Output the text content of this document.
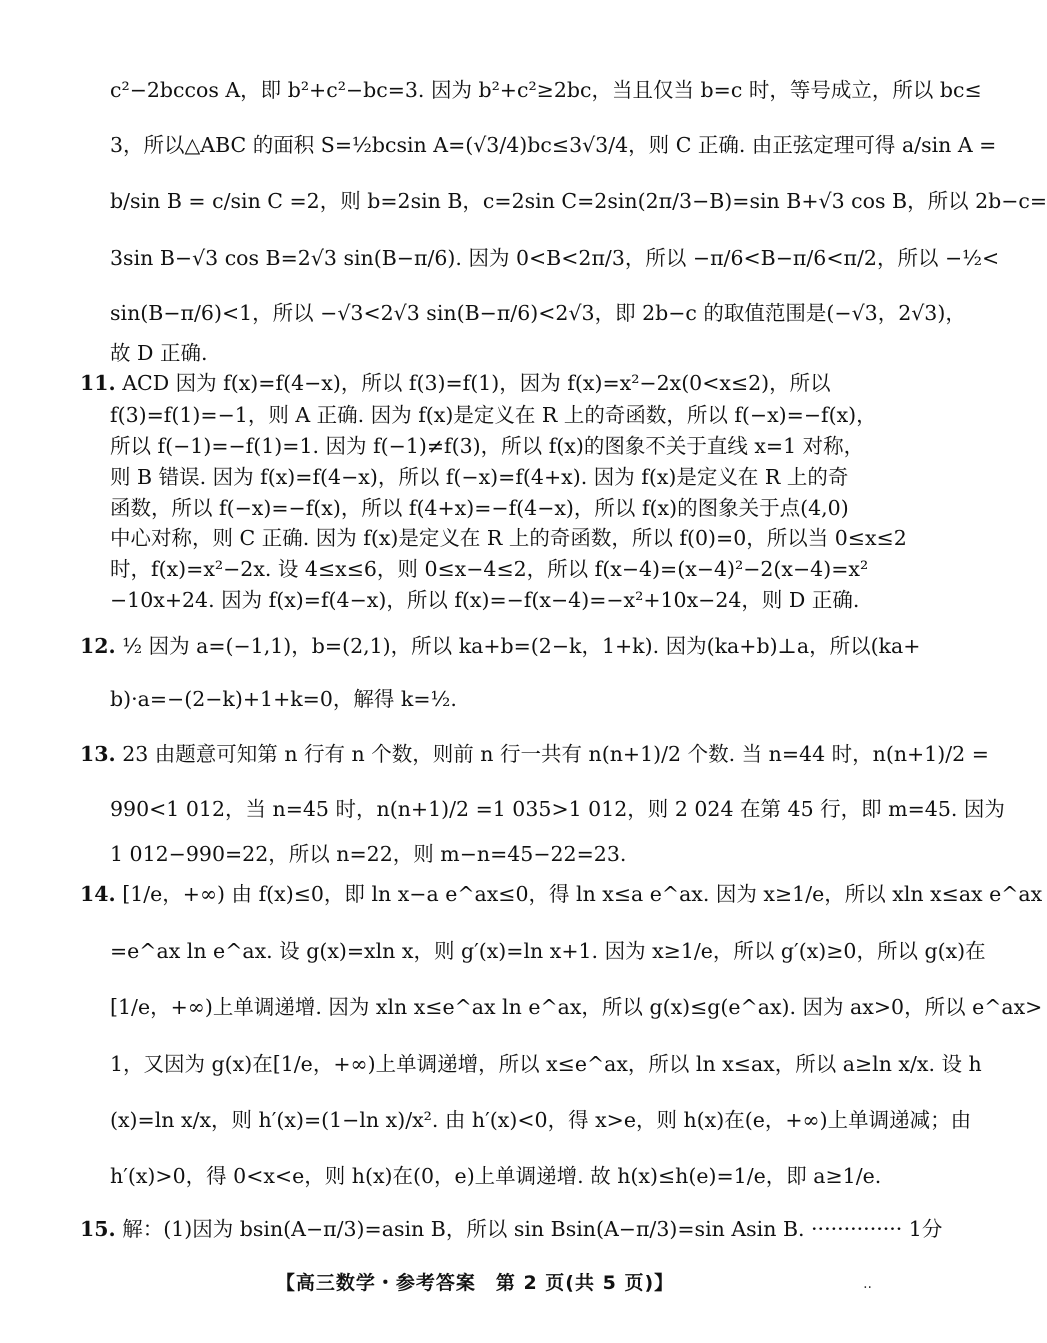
c²−2bccos A，即 b²+c²−bc=3. 因为 b²+c²≥2bc，当且仅当 b=c 时，等号成立，所以 bc≤
3，所以△ABC 的面积 S=½bcsin A=(√3/4)bc≤3√3/4，则 C 正确. 由正弦定理可得 a/sin A =
b/sin B = c/sin C =2，则 b=2sin B，c=2sin C=2sin(2π/3−B)=sin B+√3 cos B，所以 2b−c=
3sin B−√3 cos B=2√3 sin(B−π/6). 因为 0<B<2π/3，所以 −π/6<B−π/6<π/2，所以 −½<
sin(B−π/6)<1，所以 −√3<2√3 sin(B−π/6)<2√3，即 2b−c 的取值范围是(−√3，2√3)，
故 D 正确.
11. ACD 因为 f(x)=f(4−x)，所以 f(3)=f(1)，因为 f(x)=x²−2x(0<x≤2)，所以
f(3)=f(1)=−1，则 A 正确. 因为 f(x)是定义在 R 上的奇函数，所以 f(−x)=−f(x)，
所以 f(−1)=−f(1)=1. 因为 f(−1)≠f(3)，所以 f(x)的图象不关于直线 x=1 对称，
则 B 错误. 因为 f(x)=f(4−x)，所以 f(−x)=f(4+x). 因为 f(x)是定义在 R 上的奇
函数，所以 f(−x)=−f(x)，所以 f(4+x)=−f(4−x)，所以 f(x)的图象关于点(4,0)
中心对称，则 C 正确. 因为 f(x)是定义在 R 上的奇函数，所以 f(0)=0，所以当 0≤x≤2
时，f(x)=x²−2x. 设 4≤x≤6，则 0≤x−4≤2，所以 f(x−4)=(x−4)²−2(x−4)=x²
−10x+24. 因为 f(x)=f(4−x)，所以 f(x)=−f(x−4)=−x²+10x−24，则 D 正确.
12. ½ 因为 a=(−1,1)，b=(2,1)，所以 ka+b=(2−k，1+k). 因为(ka+b)⊥a，所以(ka+
b)·a=−(2−k)+1+k=0，解得 k=½.
13. 23 由题意可知第 n 行有 n 个数，则前 n 行一共有 n(n+1)/2 个数. 当 n=44 时，n(n+1)/2 =
990<1 012，当 n=45 时，n(n+1)/2 =1 035>1 012，则 2 024 在第 45 行，即 m=45. 因为
1 012−990=22，所以 n=22，则 m−n=45−22=23.
14. [1/e，+∞) 由 f(x)≤0，即 ln x−a e^ax≤0，得 ln x≤a e^ax. 因为 x≥1/e，所以 xln x≤ax e^ax
=e^ax ln e^ax. 设 g(x)=xln x，则 g′(x)=ln x+1. 因为 x≥1/e，所以 g′(x)≥0，所以 g(x)在
[1/e，+∞)上单调递增. 因为 xln x≤e^ax ln e^ax，所以 g(x)≤g(e^ax). 因为 ax>0，所以 e^ax>
1，又因为 g(x)在[1/e，+∞)上单调递增，所以 x≤e^ax，所以 ln x≤ax，所以 a≥ln x/x. 设 h
(x)=ln x/x，则 h′(x)=(1−ln x)/x². 由 h′(x)<0，得 x>e，则 h(x)在(e，+∞)上单调递减；由
h′(x)>0，得 0<x<e，则 h(x)在(0，e)上单调递增. 故 h(x)≤h(e)=1/e，即 a≥1/e.
15. 解：(1)因为 bsin(A−π/3)=asin B，所以 sin Bsin(A−π/3)=sin Asin B. ·············· 1分
【高三数学・参考答案　第 2 页(共 5 页)】	..
